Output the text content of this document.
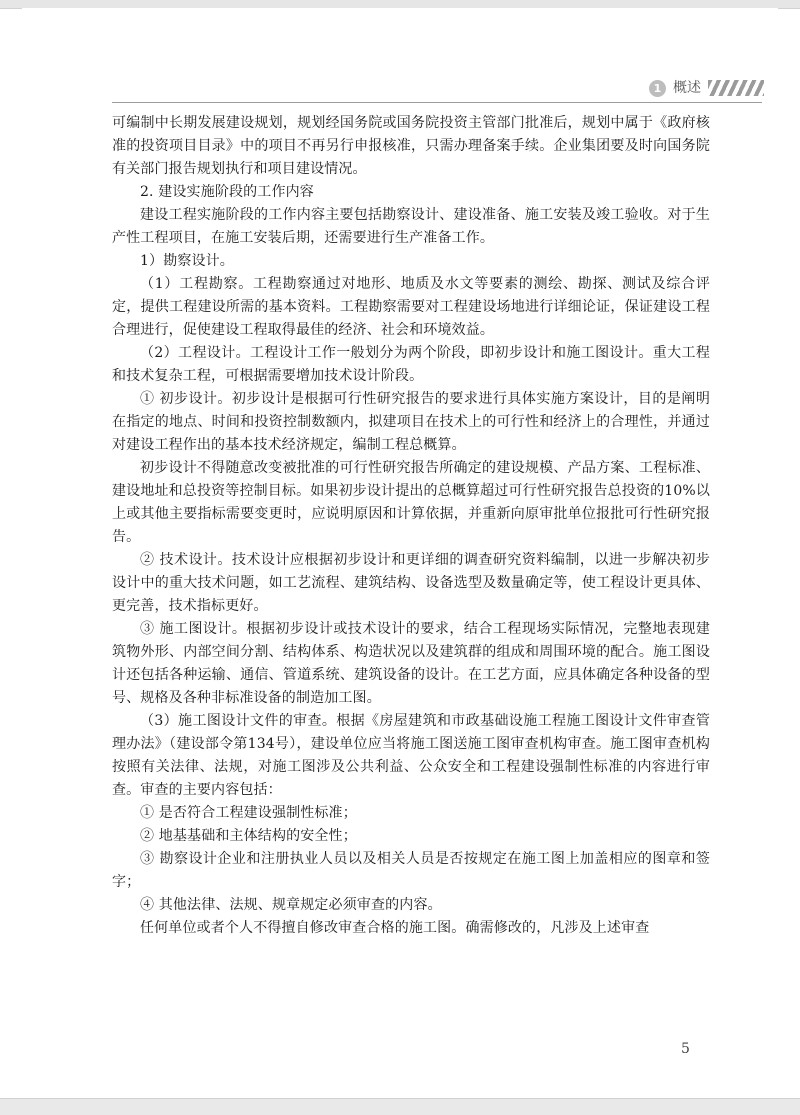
1 概述

可编制中长期发展建设规划，规划经国务院或国务院投资主管部门批准后，规划中属于《政府核准的投资项目目录》中的项目不再另行申报核准，只需办理备案手续。企业集团要及时向国务院有关部门报告规划执行和项目建设情况。

2. 建设实施阶段的工作内容

建设工程实施阶段的工作内容主要包括勘察设计、建设准备、施工安装及竣工验收。对于生产性工程项目，在施工安装后期，还需要进行生产准备工作。

1）勘察设计。

（1）工程勘察。工程勘察通过对地形、地质及水文等要素的测绘、勘探、测试及综合评定，提供工程建设所需的基本资料。工程勘察需要对工程建设场地进行详细论证，保证建设工程合理进行，促使建设工程取得最佳的经济、社会和环境效益。

（2）工程设计。工程设计工作一般划分为两个阶段，即初步设计和施工图设计。重大工程和技术复杂工程，可根据需要增加技术设计阶段。

① 初步设计。初步设计是根据可行性研究报告的要求进行具体实施方案设计，目的是阐明在指定的地点、时间和投资控制数额内，拟建项目在技术上的可行性和经济上的合理性，并通过对建设工程作出的基本技术经济规定，编制工程总概算。

初步设计不得随意改变被批准的可行性研究报告所确定的建设规模、产品方案、工程标准、建设地址和总投资等控制目标。如果初步设计提出的总概算超过可行性研究报告总投资的10%以上或其他主要指标需要变更时，应说明原因和计算依据，并重新向原审批单位报批可行性研究报告。

② 技术设计。技术设计应根据初步设计和更详细的调查研究资料编制，以进一步解决初步设计中的重大技术问题，如工艺流程、建筑结构、设备选型及数量确定等，使工程设计更具体、更完善，技术指标更好。

③ 施工图设计。根据初步设计或技术设计的要求，结合工程现场实际情况，完整地表现建筑物外形、内部空间分割、结构体系、构造状况以及建筑群的组成和周围环境的配合。施工图设计还包括各种运输、通信、管道系统、建筑设备的设计。在工艺方面，应具体确定各种设备的型号、规格及各种非标准设备的制造加工图。

（3）施工图设计文件的审查。根据《房屋建筑和市政基础设施工程施工图设计文件审查管理办法》（建设部令第134号），建设单位应当将施工图送施工图审查机构审查。施工图审查机构按照有关法律、法规，对施工图涉及公共利益、公众安全和工程建设强制性标准的内容进行审查。审查的主要内容包括：

① 是否符合工程建设强制性标准；

② 地基基础和主体结构的安全性；

③ 勘察设计企业和注册执业人员以及相关人员是否按规定在施工图上加盖相应的图章和签字；

④ 其他法律、法规、规章规定必须审查的内容。

任何单位或者个人不得擅自修改审查合格的施工图。确需修改的，凡涉及上述审查

5
